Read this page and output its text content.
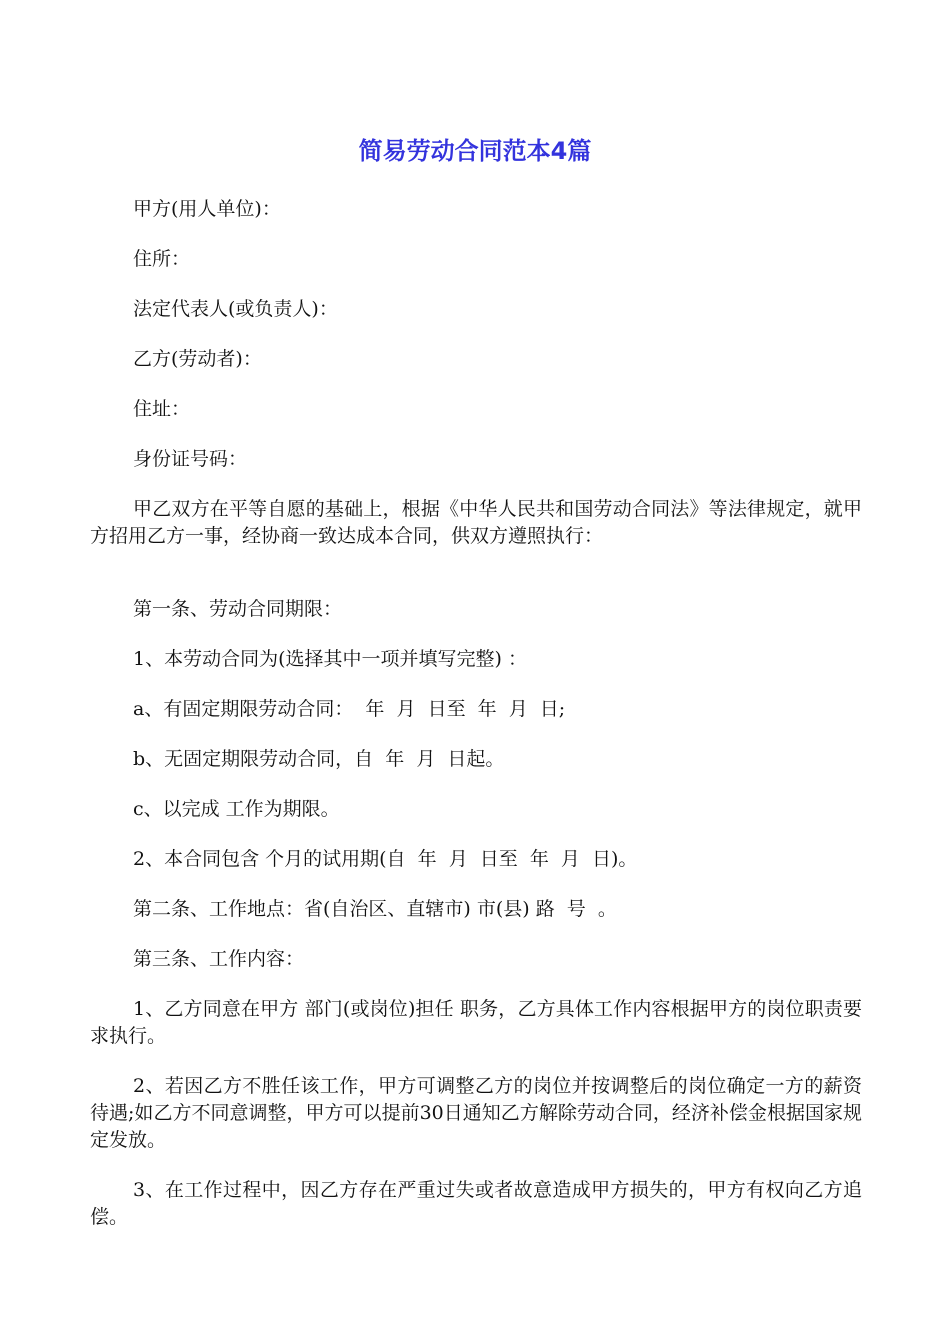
简易劳动合同范本4篇

甲方(用人单位)：

住所：

法定代表人(或负责人)：

乙方(劳动者)：

住址：

身份证号码：

甲乙双方在平等自愿的基础上，根据《中华人民共和国劳动合同法》等法律规定，就甲方招用乙方一事，经协商一致达成本合同，供双方遵照执行：

第一条、劳动合同期限：

1、本劳动合同为(选择其中一项并填写完整) ：

a、有固定期限劳动合同：  年  月  日至  年  月  日;

b、无固定期限劳动合同，自  年  月  日起。

c、以完成 工作为期限。

2、本合同包含 个月的试用期(自  年  月  日至  年  月  日)。

第二条、工作地点：省(自治区、直辖市) 市(县) 路  号  。

第三条、工作内容：

1、乙方同意在甲方 部门(或岗位)担任 职务，乙方具体工作内容根据甲方的岗位职责要求执行。

2、若因乙方不胜任该工作，甲方可调整乙方的岗位并按调整后的岗位确定一方的薪资待遇;如乙方不同意调整，甲方可以提前30日通知乙方解除劳动合同，经济补偿金根据国家规定发放。

3、在工作过程中，因乙方存在严重过失或者故意造成甲方损失的，甲方有权向乙方追偿。
